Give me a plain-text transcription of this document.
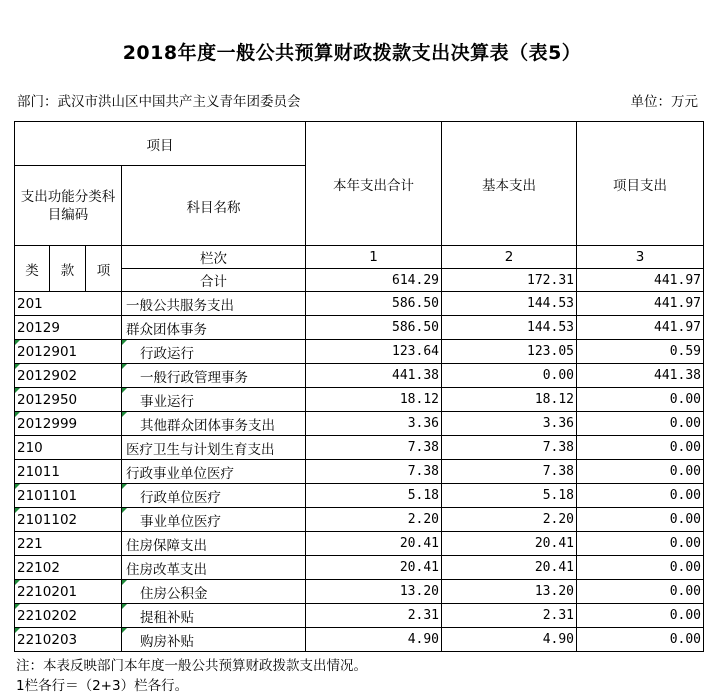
2018年度一般公共预算财政拨款支出决算表（表5）
部门：武汉市洪山区中国共产主义青年团委员会	单位：万元
项目				本年支出合计	基本支出	项目支出
支出功能分类科目编码			科目名称			
类	款	项	栏次	1	2	3
			合计	614.29	172.31	441.97
201			一般公共服务支出	586.50	144.53	441.97
20129			群众团体事务	586.50	144.53	441.97
2012901			行政运行	123.64	123.05	0.59
2012902			一般行政管理事务	441.38	0.00	441.38
2012950			事业运行	18.12	18.12	0.00
2012999			其他群众团体事务支出	3.36	3.36	0.00
210			医疗卫生与计划生育支出	7.38	7.38	0.00
21011			行政事业单位医疗	7.38	7.38	0.00
2101101			行政单位医疗	5.18	5.18	0.00
2101102			事业单位医疗	2.20	2.20	0.00
221			住房保障支出	20.41	20.41	0.00
22102			住房改革支出	20.41	20.41	0.00
2210201			住房公积金	13.20	13.20	0.00
2210202			提租补贴	2.31	2.31	0.00
2210203			购房补贴	4.90	4.90	0.00
注：本表反映部门本年度一般公共预算财政拨款支出情况。
1栏各行＝（2+3）栏各行。
